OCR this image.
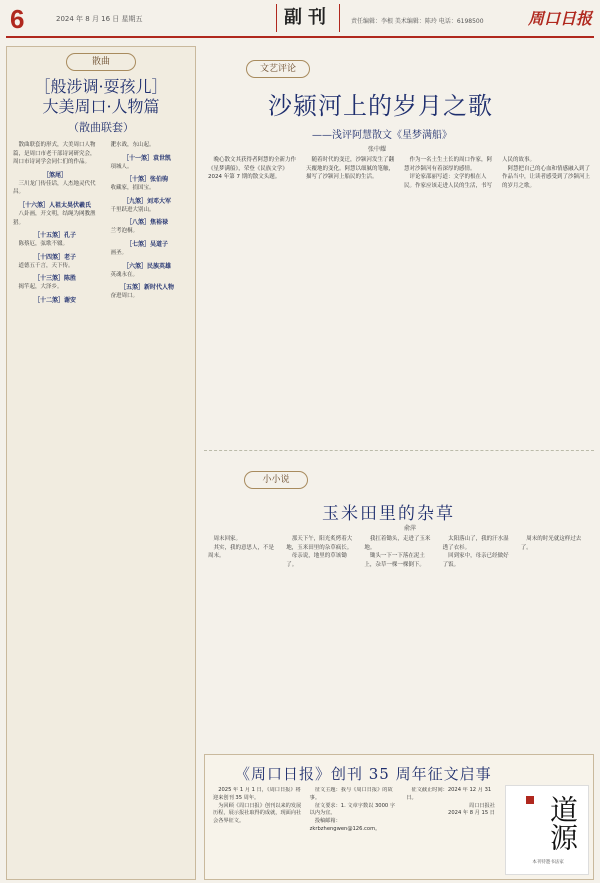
6	2024 年 8 月 16 日 星期五	副刊	责任编辑：李根 美术编辑：陈玲 电话：6198500	周口日报
散曲
［般涉调·耍孩儿］
大美周口·人物篇
（散曲联套）

散曲联套的形式，大美周口人物篇，是周口市老干部诗词研究会，周口市诗词学会同仁们的作品。

［煞尾］

三川龙门传佳话，人杰地灵代代昌。

［十六煞］人祖太昊伏羲氏

八卦画，开文明，结绳为网教渔猎。

［十五煞］孔子

陈蔡厄，弦歌不辍。

［十四煞］老子

道德五千言，天下传。

［十三煞］陈胜

揭竿起，大泽乡。

［十二煞］谢安

淝水战，东山起。

［十一煞］袁世凯

项城人。

［十煞］张伯驹

收藏家，捐国宝。

［九煞］刘邓大军

千里跃进大别山。

［八煞］焦裕禄

兰考泡桐。

［七煞］吴道子

画圣。

［六煞］民族英雄

英魂永在。

［五煞］新时代人物

奋进周口。

文艺评论
沙颍河上的岁月之歌
——浅评阿慧散文《星梦满船》
张中耀

晚心散文其获得者阿慧的全新力作《星梦满船》，荣登《民族文学》2024 年第 7 期的散文头题。

随着时代的变迁，沙颍河发生了翻天覆地的变化。阿慧以细腻的笔触，描写了沙颍河上船民的生活。

作为一名土生土长的周口作家，阿慧对沙颍河有着深厚的感情。

评论家邵丽写道：文学的根在人民。作家应该走进人民的生活，书写人民的故事。

阿慧把自己的心血和情感融入到了作品当中，让读者感受到了沙颍河上的岁月之歌。

小小说
玉米田里的杂草
俞萍

周末回家。

其实，我的意思人，不是周末。

那天下午，阳光炙烤着大地，玉米田里的杂草疯长。

母亲说，地里的草该锄了。

我扛着锄头，走进了玉米地。

锄头一下一下落在泥土上，杂草一棵一棵倒下。

太阳落山了，我的汗水湿透了衣衫。

回到家中，母亲已经做好了饭。

周末的时光就这样过去了。

《周口日报》创刊 35 周年征文启事

2025 年 1 月 1 日，《周口日报》将迎来创刊 35 周年。

为回顾《周口日报》创刊以来的发展历程，展示报社取得的成就，现面向社会各界征文。

征文主题：我与《周口日报》的故事。

征文要求：1. 文章字数以 3000 字以内为宜。

投稿邮箱：zkrbzhengwen@126.com。

征文截止时间：2024 年 12 月 31 日。

周口日报社

2024 年 8 月 15 日	道源
本刊特邀书法家
